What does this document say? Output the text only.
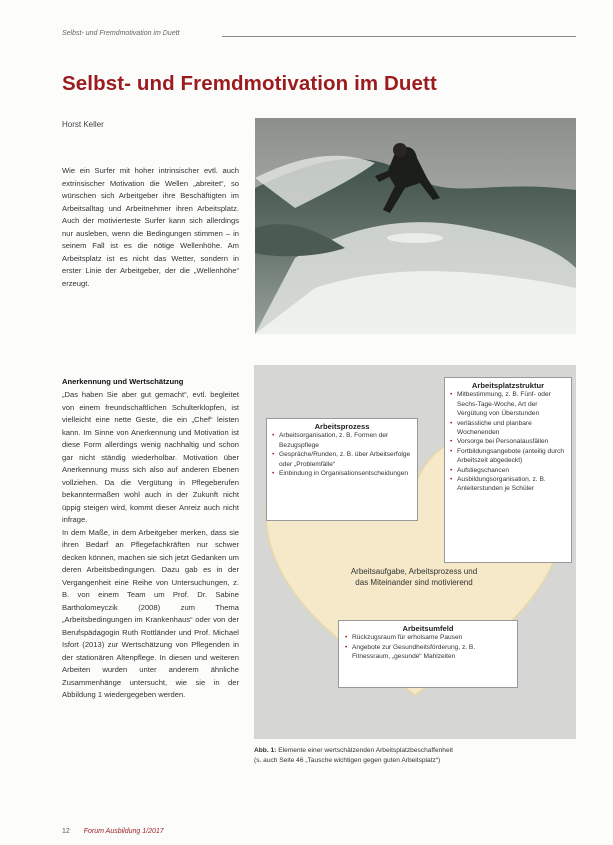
Selbst- und Fremdmotivation im Duett
Selbst- und Fremdmotivation im Duett
Horst Keller
Wie ein Surfer mit hoher intrinsischer evtl. auch extrinsischer Motivation die Wellen „abreitet“, so wünschen sich Arbeitgeber ihre Beschäftigten im Arbeitsalltag und Arbeitnehmer ihren Arbeitsplatz. Auch der motivierteste Surfer kann sich allerdings nur ausleben, wenn die Bedingungen stimmen – in seinem Fall ist es die nötige Wellenhöhe. Am Arbeitsplatz ist es nicht das Wetter, sondern in erster Linie der Arbeitgeber, der die „Wellenhöhe“ erzeugt.
Anerkennung und Wertschätzung

„Das haben Sie aber gut gemacht“, evtl. begleitet von einem freundschaftlichen Schulterklopfen, ist vielleicht eine nette Geste, die ein „Chef“ leisten kann. Im Sinne von Anerkennung und Motivation ist diese Form allerdings wenig nachhaltig und schon gar nicht ständig wiederholbar. Motivation über Anerkennung muss sich also auf anderen Ebenen vollziehen. Da die Vergütung in Pflegeberufen bekanntermaßen wohl auch in der Zukunft nicht üppig steigen wird, kommt dieser Anreiz auch nicht infrage.

In dem Maße, in dem Arbeitgeber merken, dass sie ihren Bedarf an Pflegefachkräften nur schwer decken können, machen sie sich jetzt Gedanken um deren Arbeitsbedingungen. Dazu gab es in der Vergangenheit eine Reihe von Untersuchungen, z. B. von einem Team um Prof. Dr. Sabine Bartholomeyczik (2008) zum Thema „Arbeitsbedingungen im Krankenhaus“ oder von der Berufspädagogin Ruth Rottländer und Prof. Michael Isfort (2013) zur Wertschätzung von Pflegenden in der stationären Altenpflege. In diesen und weiteren Arbeiten wurden unter anderem ähnliche Zusammenhänge untersucht, wie sie in der Abbildung 1 wiedergegeben werden.

Arbeitsprozess
• Arbeitsorganisation, z. B. Formen der Bezugspflege
• Gespräche/Runden, z. B. über Arbeitserfolge oder „Problemfälle“
• Einbindung in Organisationsentscheidungen
Arbeitsplatzstruktur
• Mitbestimmung, z. B. Fünf- oder Sechs-Tage-Woche, Art der Vergütung von Überstunden
• verlässliche und planbare Wochenenden
• Vorsorge bei Personalausfällen
• Fortbildungsangebote (anteilig durch Arbeitszeit abgedeckt)
• Aufstiegschancen
• Ausbildungsorganisation, z. B. Anleiterstunden je Schüler
Arbeitsaufgabe, Arbeitsprozess und das Miteinander sind motivierend
Arbeitsumfeld
• Rückzugsraum für erholsame Pausen
• Angebote zur Gesundheitsförderung, z. B. Fitnessraum, „gesunde“ Mahlzeiten
Abb. 1: Elemente einer wertschätzenden Arbeitsplatzbeschaffenheit
(s. auch Seite 46 „Tausche wichtigen gegen guten Arbeitsplatz“)
12 Forum Ausbildung 1/2017
